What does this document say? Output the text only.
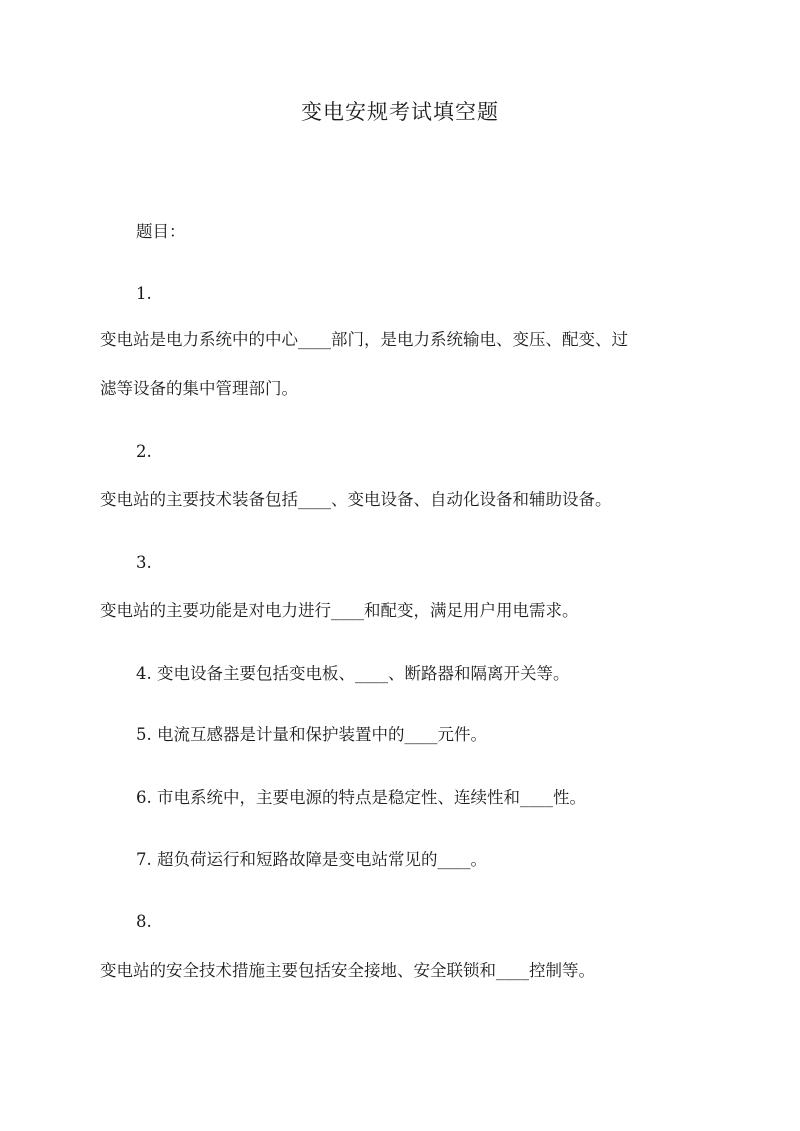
变电安规考试填空题
题目：
1.
变电站是电力系统中的中心____部门，是电力系统输电、变压、配变、过
滤等设备的集中管理部门。
2.
变电站的主要技术装备包括____、变电设备、自动化设备和辅助设备。
3.
变电站的主要功能是对电力进行____和配变，满足用户用电需求。
4. 变电设备主要包括变电板、____、断路器和隔离开关等。
5. 电流互感器是计量和保护装置中的____元件。
6. 市电系统中，主要电源的特点是稳定性、连续性和____性。
7. 超负荷运行和短路故障是变电站常见的____。
8.
变电站的安全技术措施主要包括安全接地、安全联锁和____控制等。
